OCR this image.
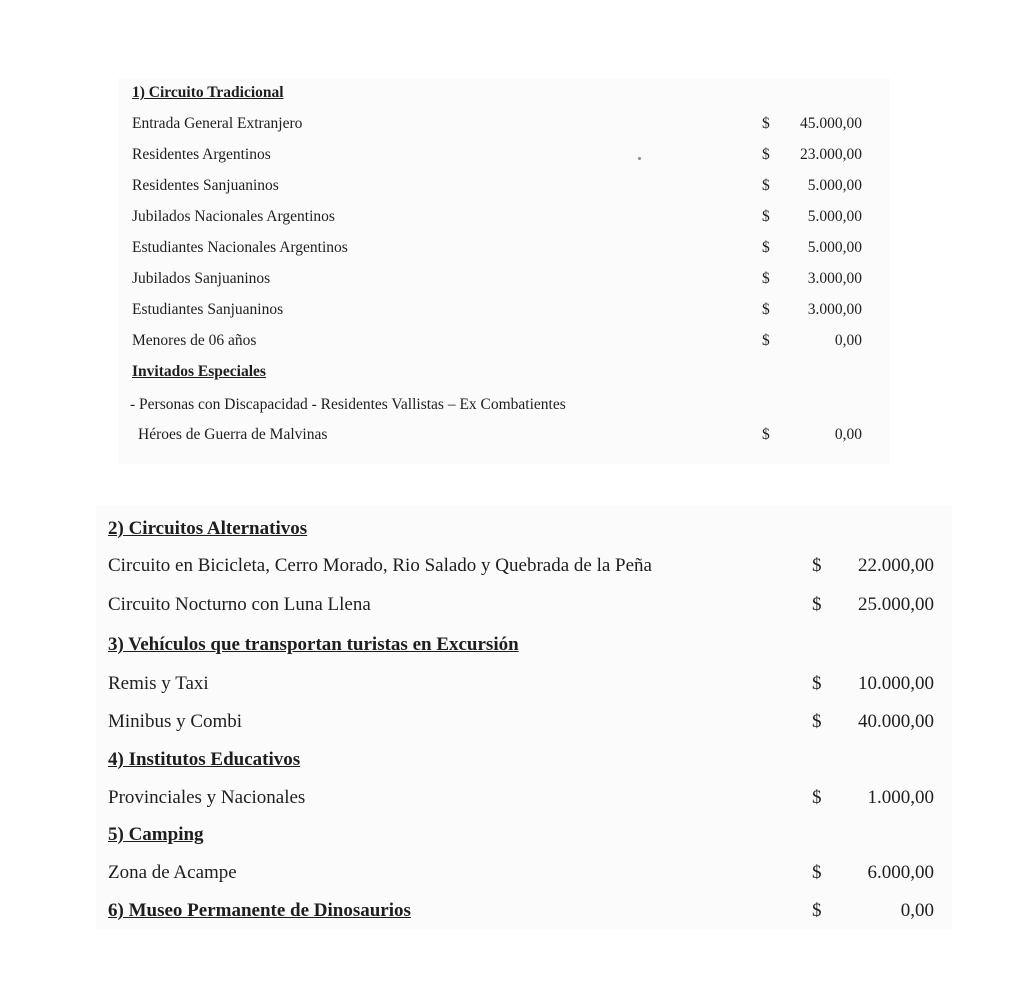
1) Circuito Tradicional
Entrada General Extranjero	$ 45.000,00
Residentes Argentinos	$ 23.000,00
Residentes Sanjuaninos	$ 5.000,00
Jubilados Nacionales Argentinos	$ 5.000,00
Estudiantes Nacionales Argentinos	$ 5.000,00
Jubilados Sanjuaninos	$ 3.000,00
Estudiantes Sanjuaninos	$ 3.000,00
Menores de 06 años	$	0,00
Invitados Especiales
- Personas con Discapacidad - Residentes Vallistas – Ex Combatientes
Héroes de Guerra de Malvinas	$	0,00
2) Circuitos Alternativos
Circuito en Bicicleta, Cerro Morado, Rio Salado y Quebrada de la Peña	$ 22.000,00
Circuito Nocturno con Luna Llena	$ 25.000,00
3) Vehículos que transportan turistas en Excursión
Remis y Taxi	$ 10.000,00
Minibus y Combi	$ 40.000,00
4) Institutos Educativos
Provinciales y Nacionales	$ 1.000,00
5) Camping
Zona de Acampe	$ 6.000,00
6) Museo Permanente de Dinosaurios	$	0,00
